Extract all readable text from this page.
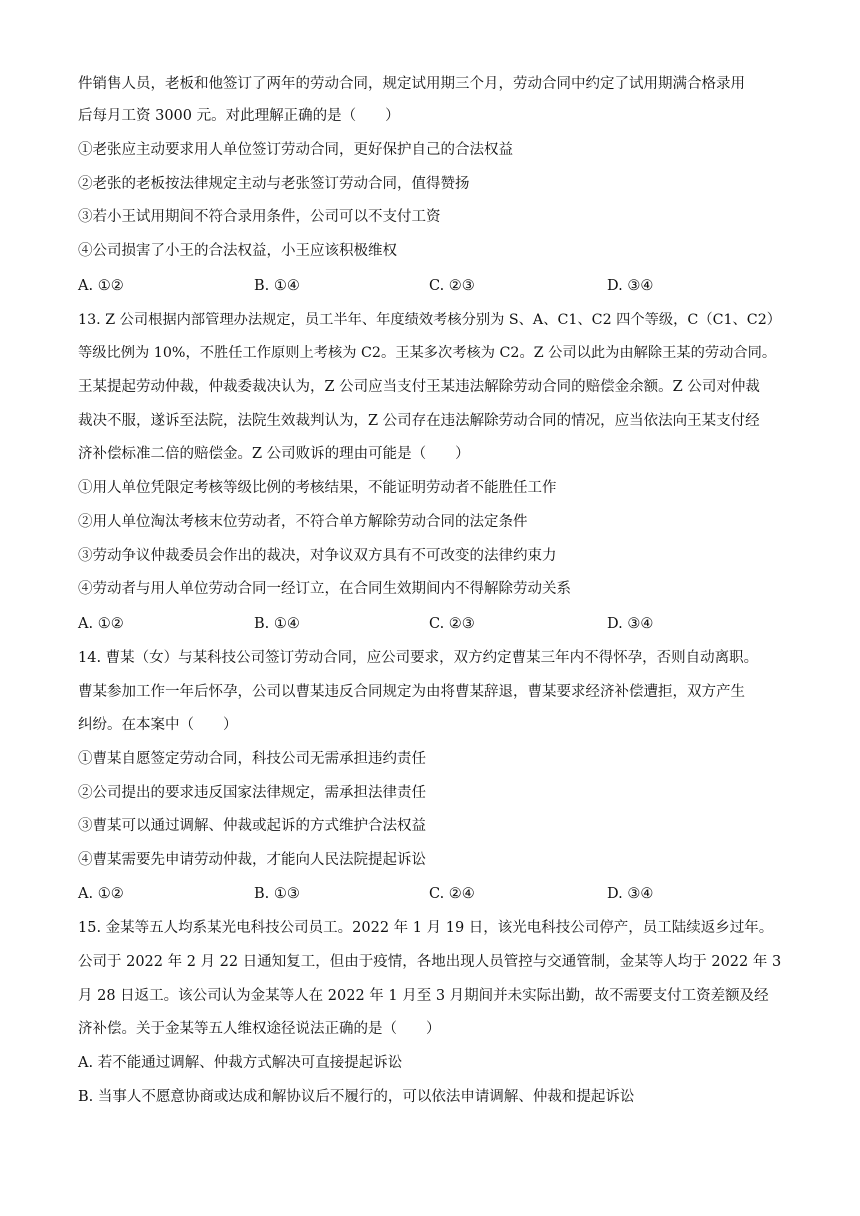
件销售人员，老板和他签订了两年的劳动合同，规定试用期三个月，劳动合同中约定了试用期满合格录用
后每月工资 3000 元。对此理解正确的是（　　）
①老张应主动要求用人单位签订劳动合同，更好保护自己的合法权益
②老张的老板按法律规定主动与老张签订劳动合同，值得赞扬
③若小王试用期间不符合录用条件，公司可以不支付工资
④公司损害了小王的合法权益，小王应该积极维权
A. ①②	B. ①④	C. ②③	D. ③④
13. Z 公司根据内部管理办法规定，员工半年、年度绩效考核分别为 S、A、C1、C2 四个等级，C（C1、C2）
等级比例为 10%，不胜任工作原则上考核为 C2。王某多次考核为 C2。Z 公司以此为由解除王某的劳动合同。
王某提起劳动仲裁，仲裁委裁决认为，Z 公司应当支付王某违法解除劳动合同的赔偿金余额。Z 公司对仲裁
裁决不服，遂诉至法院，法院生效裁判认为，Z 公司存在违法解除劳动合同的情况，应当依法向王某支付经
济补偿标准二倍的赔偿金。Z 公司败诉的理由可能是（　　）
①用人单位凭限定考核等级比例的考核结果，不能证明劳动者不能胜任工作
②用人单位淘汰考核末位劳动者，不符合单方解除劳动合同的法定条件
③劳动争议仲裁委员会作出的裁决，对争议双方具有不可改变的法律约束力
④劳动者与用人单位劳动合同一经订立，在合同生效期间内不得解除劳动关系
A. ①②	B. ①④	C. ②③	D. ③④
14. 曹某（女）与某科技公司签订劳动合同，应公司要求，双方约定曹某三年内不得怀孕，否则自动离职。
曹某参加工作一年后怀孕，公司以曹某违反合同规定为由将曹某辞退，曹某要求经济补偿遭拒，双方产生
纠纷。在本案中（　　）
①曹某自愿签定劳动合同，科技公司无需承担违约责任
②公司提出的要求违反国家法律规定，需承担法律责任
③曹某可以通过调解、仲裁或起诉的方式维护合法权益
④曹某需要先申请劳动仲裁，才能向人民法院提起诉讼
A. ①②	B. ①③	C. ②④	D. ③④
15. 金某等五人均系某光电科技公司员工。2022 年 1 月 19 日，该光电科技公司停产，员工陆续返乡过年。
公司于 2022 年 2 月 22 日通知复工，但由于疫情，各地出现人员管控与交通管制，金某等人均于 2022 年 3
月 28 日返工。该公司认为金某等人在 2022 年 1 月至 3 月期间并未实际出勤，故不需要支付工资差额及经
济补偿。关于金某等五人维权途径说法正确的是（　　）
A. 若不能通过调解、仲裁方式解决可直接提起诉讼
B. 当事人不愿意协商或达成和解协议后不履行的，可以依法申请调解、仲裁和提起诉讼
